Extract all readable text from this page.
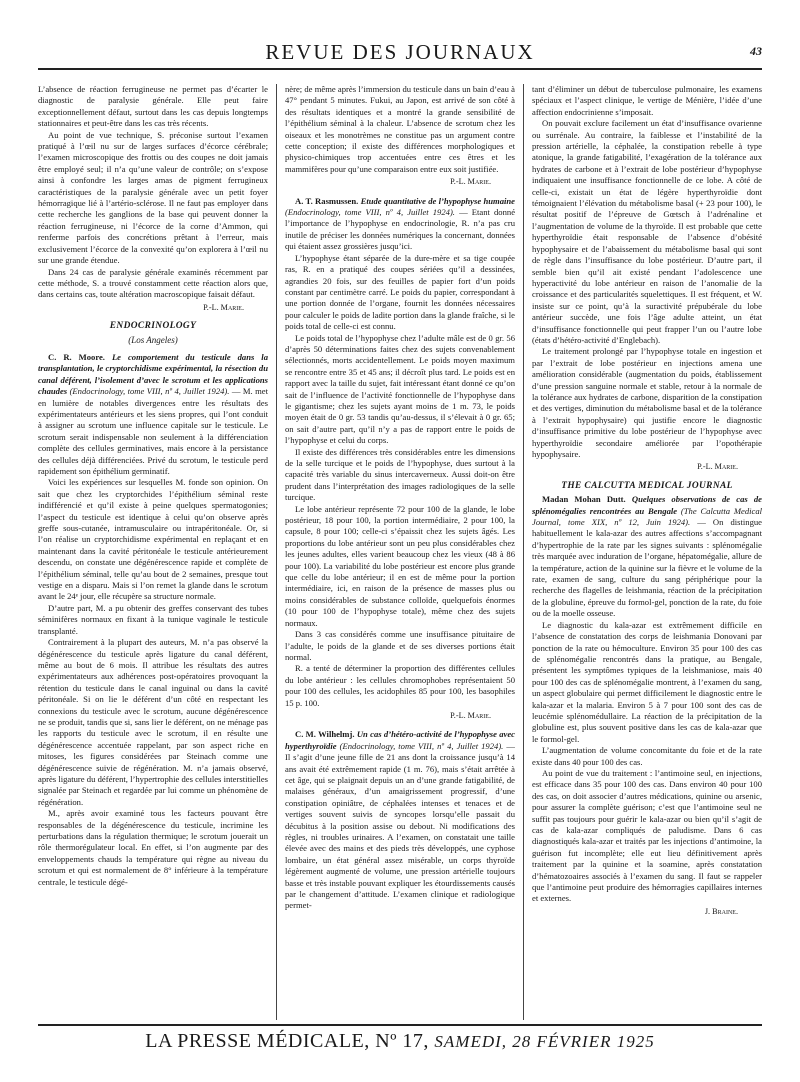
REVUE DES JOURNAUX	43

L’absence de réaction ferrugineuse ne permet pas d’écarter le diagnostic de paralysie générale. Elle peut faire exceptionnellement défaut, surtout dans les cas depuis longtemps stationnaires et peut-être dans les cas très récents.

Au point de vue technique, S. préconise surtout l’examen pratiqué à l’œil nu sur de larges surfaces d’écorce cérébrale; l’examen microscopique des frottis ou des coupes ne doit jamais être employé seul; il n’a qu’une valeur de contrôle; on s’expose ainsi à confondre les larges amas de pigment ferrugineux caractéristiques de la paralysie générale avec un petit foyer hémorragique lié à l’artério-sclérose. Il ne faut pas employer dans cette recherche les ganglions de la base qui peuvent donner la réaction ferrugineuse, ni l’écorce de la corne d’Ammon, qui renferme parfois des concrétions prêtant à l’erreur, mais exclusivement l’écorce de la convexité qu’on explorera à l’œil nu sur une grande étendue.

Dans 24 cas de paralysie générale examinés récemment par cette méthode, S. a trouvé constamment cette réaction alors que, dans certains cas, toute altération macroscopique faisait défaut.

P.-L. Marie.
ENDOCRINOLOGY
(Los Angeles)

C. R. Moore. Le comportement du testicule dans la transplantation, le cryptorchidisme expérimental, la résection du canal déférent, l’isolement d’avec le scrotum et les applications chaudes (Endocrinology, tome VIII, nº 4, Juillet 1924). — M. met en lumière de notables divergences entre les résultats des expérimentateurs antérieurs et les siens propres, qui l’ont conduit à assigner au scrotum une influence capitale sur le testicule. Le scrotum serait indispensable non seulement à la différenciation complète des cellules germinatives, mais encore à la persistance des cellules déjà différenciées. Privé du scrotum, le testicule perd rapidement son épithélium germinatif.

Voici les expériences sur lesquelles M. fonde son opinion. On sait que chez les cryptorchides l’épithélium séminal reste indifférencié et qu’il existe à peine quelques spermatogonies; l’aspect du testicule est identique à celui qu’on observe après greffe sous-cutanée, intramusculaire ou intrapéritonéale. Or, si l’on réalise un cryptorchidisme expérimental en replaçant et en maintenant dans la cavité péritonéale le testicule antérieurement descendu, on constate une dégénérescence rapide et complète de l’épithélium séminal, telle qu’au bout de 2 semaines, presque tout vestige en a disparu. Mais si l’on remet la glande dans le scrotum avant le 24ᵉ jour, elle récupère sa structure normale.

D’autre part, M. a pu obtenir des greffes conservant des tubes séminifères normaux en fixant à la tunique vaginale le testicule transplanté.

Contrairement à la plupart des auteurs, M. n’a pas observé la dégénérescence du testicule après ligature du canal déférent, même au bout de 6 mois. Il attribue les résultats des autres expérimentateurs aux adhérences post-opératoires provoquant la rétention du testicule dans le canal inguinal ou dans la cavité péritonéale. Si on lie le déférent d’un côté en respectant les connexions du testicule avec le scrotum, aucune dégénérescence ne se produit, tandis que si, sans lier le déférent, on ne ménage pas les rapports du testicule avec le scrotum, il en résulte une dégénérescence accentuée rappelant, par son aspect riche en mitoses, les figures considérées par Steinach comme une dégénérescence suivie de régénération. M. n’a jamais observé, après ligature du déférent, l’hypertrophie des cellules interstitielles signalée par Steinach et regardée par lui comme un phénomène de régénération.

M., après avoir examiné tous les facteurs pouvant être responsables de la dégénérescence du testicule, incrimine les perturbations dans la régulation thermique; le scrotum jouerait un rôle thermorégulateur local. En effet, si l’on augmente par des enveloppements chauds la température qui règne au niveau du scrotum et qui est normalement de 8° inférieure à la température centrale, le testicule dégé-

nère; de même après l’immersion du testicule dans un bain d’eau à 47° pendant 5 minutes. Fukui, au Japon, est arrivé de son côté à des résultats identiques et a montré la grande sensibilité de l’épithélium séminal à la chaleur. L’absence de scrotum chez les oiseaux et les monotrèmes ne constitue pas un argument contre cette conception; il existe des différences morphologiques et physico-chimiques trop accentuées entre ces êtres et les mammifères pour qu’une comparaison entre eux soit justifiée.

P.-L. Marie.

A. T. Rasmussen. Etude quantitative de l’hypophyse humaine (Endocrinology, tome VIII, nº 4, Juillet 1924). — Etant donné l’importance de l’hypophyse en endocrinologie, R. n’a pas cru inutile de préciser les données numériques la concernant, données qui étaient assez grossières jusqu’ici.

L’hypophyse étant séparée de la dure-mère et sa tige coupée ras, R. en a pratiqué des coupes sériées qu’il a dessinées, agrandies 20 fois, sur des feuilles de papier fort d’un poids constant par centimètre carré. Le poids du papier, correspondant à une portion donnée de l’organe, fournit les données nécessaires pour calculer le poids de ladite portion dans la glande fraîche, si le poids total de celle-ci est connu.

Le poids total de l’hypophyse chez l’adulte mâle est de 0 gr. 56 d’après 50 déterminations faites chez des sujets convenablement sélectionnés, morts accidentellement. Le poids moyen maximum se rencontre entre 35 et 45 ans; il décroît plus tard. Le poids est en rapport avec la taille du sujet, fait intéressant étant donné ce qu’on sait de l’influence de l’activité fonctionnelle de l’hypophyse dans le gigantisme; chez les sujets ayant moins de 1 m. 73, le poids moyen était de 0 gr. 53 tandis qu’au-dessus, il s’élevait à 0 gr. 65; on sait d’autre part, qu’il n’y a pas de rapport entre le poids de l’hypophyse et celui du corps.

Il existe des différences très considérables entre les dimensions de la selle turcique et le poids de l’hypophyse, dues surtout à la capacité très variable du sinus intercaverneux. Aussi doit-on être prudent dans l’interprétation des images radiologiques de la selle turcique.

Le lobe antérieur représente 72 pour 100 de la glande, le lobe postérieur, 18 pour 100, la portion intermédiaire, 2 pour 100, la capsule, 8 pour 100; celle-ci s’épaissit chez les sujets âgés. Les proportions du lobe antérieur sont un peu plus considérables chez les jeunes adultes, elles varient beaucoup chez les vieux (48 à 86 pour 100). La variabilité du lobe postérieur est encore plus grande que celle du lobe antérieur; il en est de même pour la portion intermédiaire, ici, en raison de la présence de masses plus ou moins considérables de substance colloïde, quelquefois énormes (10 pour 100 de l’hypophyse totale), même chez des sujets normaux.

Dans 3 cas considérés comme une insuffisance pituitaire de l’adulte, le poids de la glande et de ses diverses portions était normal.

R. a tenté de déterminer la proportion des différentes cellules du lobe antérieur : les cellules chromophobes représentaient 50 pour 100 des cellules, les acidophiles 85 pour 100, les basophiles 15 p. 100.

P.-L. Marie.

C. M. Wilhelmj. Un cas d’hétéro-activité de l’hypophyse avec hyperthyroïdie (Endocrinology, tome VIII, nº 4, Juillet 1924). — Il s’agit d’une jeune fille de 21 ans dont la croissance jusqu’à 14 ans avait été extrêmement rapide (1 m. 76), mais s’était arrêtée à cet âge, qui se plaignait depuis un an d’une grande fatigabilité, de malaises généraux, d’un amaigrissement progressif, d’une constipation opiniâtre, de céphalées intenses et tenaces et de vertiges souvent suivis de syncopes lorsqu’elle passait du décubitus à la position assise ou debout. Ni modifications des règles, ni troubles urinaires. A l’examen, on constatait une taille élevée avec des mains et des pieds très développés, une cyphose lombaire, un état général assez misérable, un corps thyroïde légèrement augmenté de volume, une pression artérielle toujours basse et très instable pouvant expliquer les étourdissements causés par le changement d’attitude. L’examen clinique et radiologique permet-

tant d’éliminer un début de tuberculose pulmonaire, les examens spéciaux et l’aspect clinique, le vertige de Ménière, l’idée d’une affection endocrinienne s’imposait.

On pouvait exclure facilement un état d’insuffisance ovarienne ou surrénale. Au contraire, la faiblesse et l’instabilité de la pression artérielle, la céphalée, la constipation rebelle à type atonique, la grande fatigabilité, l’exagération de la tolérance aux hydrates de carbone et à l’extrait de lobe postérieur d’hypophyse indiquaient une insuffisance fonctionnelle de ce lobe. A côté de celle-ci, existait un état de légère hyperthyroïdie dont témoignaient l’élévation du métabolisme basal (+ 23 pour 100), le résultat positif de l’épreuve de Gœtsch à l’adrénaline et l’augmentation de volume de la thyroïde. Il est probable que cette hyperthyroïdie était responsable de l’absence d’obésité hypophysaire et de l’abaissement du métabolisme basal qui sont de règle dans l’insuffisance du lobe postérieur. D’autre part, il semble bien qu’il ait existé pendant l’adolescence une hyperactivité du lobe antérieur en raison de l’anomalie de la croissance et des particularités squelettiques. Il est fréquent, et W. insiste sur ce point, qu’à la suractivité prépubérale du lobe antérieur succède, une fois l’âge adulte atteint, un état d’insuffisance fonctionnelle qui peut frapper l’un ou l’autre lobe (états d’hétéro-activité d’Englebach).

Le traitement prolongé par l’hypophyse totale en ingestion et par l’extrait de lobe postérieur en injections amena une amélioration considérable (augmentation du poids, établissement d’une pression sanguine normale et stable, retour à la normale de la tolérance aux hydrates de carbone, disparition de la constipation et des vertiges, diminution du métabolisme basal et de la tolérance à l’extrait hypophysaire) qui justifie encore le diagnostic d’insuffisance primitive du lobe postérieur de l’hypophyse avec hyperthyroïdie secondaire améliorée par l’opothérapie hypophysaire.

P.-L. Marie.
THE CALCUTTA MEDICAL JOURNAL

Madan Mohan Dutt. Quelques observations de cas de splénomégalies rencontrées au Bengale (The Calcutta Medical Journal, tome XIX, nº 12, Juin 1924). — On distingue habituellement le kala-azar des autres affections s’accompagnant d’hypertrophie de la rate par les signes suivants : splénomégalie très marquée avec induration de l’organe, hépatomégalie, allure de la température, action de la quinine sur la fièvre et le volume de la rate, examen de sang, culture du sang périphérique pour la recherche des flagelles de leishmania, réaction de la précipitation de la globuline, épreuve du formol-gel, ponction de la rate, du foie ou de la moelle osseuse.

Le diagnostic du kala-azar est extrêmement difficile en l’absence de constatation des corps de leishmania Donovani par ponction de la rate ou hémoculture. Environ 35 pour 100 des cas de splénomégalie rencontrés dans la pratique, au Bengale, présentent les symptômes typiques de la leishmaniose, mais 40 pour 100 des cas de splénomégalie montrent, à l’examen du sang, un aspect globulaire qui permet difficilement le diagnostic entre le kala-azar et la malaria. Environ 5 à 7 pour 100 sont des cas de leucémie splénomédullaire. La réaction de la précipitation de la globuline est, plus souvent positive dans les cas de kala-azar que le formol-gel.

L’augmentation de volume concomitante du foie et de la rate existe dans 40 pour 100 des cas.

Au point de vue du traitement : l’antimoine seul, en injections, est efficace dans 35 pour 100 des cas. Dans environ 40 pour 100 des cas, on doit associer d’autres médications, quinine ou arsenic, pour assurer la complète guérison; c’est que l’antimoine seul ne suffit pas toujours pour guérir le kala-azar ou bien qu’il s’agit de cas de kala-azar compliqués de paludisme. Dans 6 cas diagnostiqués kala-azar et traités par les injections d’antimoine, la guérison fut incomplète; elle eut lieu définitivement après traitement par la quinine et la soamine, après constatation d’hématozoaires associés à l’examen du sang. Il faut se rappeler que l’antimoine peut produire des hémorragies capillaires internes et externes.

J. Braine.
LA PRESSE MÉDICALE, Nº 17, SAMEDI, 28 FÉVRIER 1925
